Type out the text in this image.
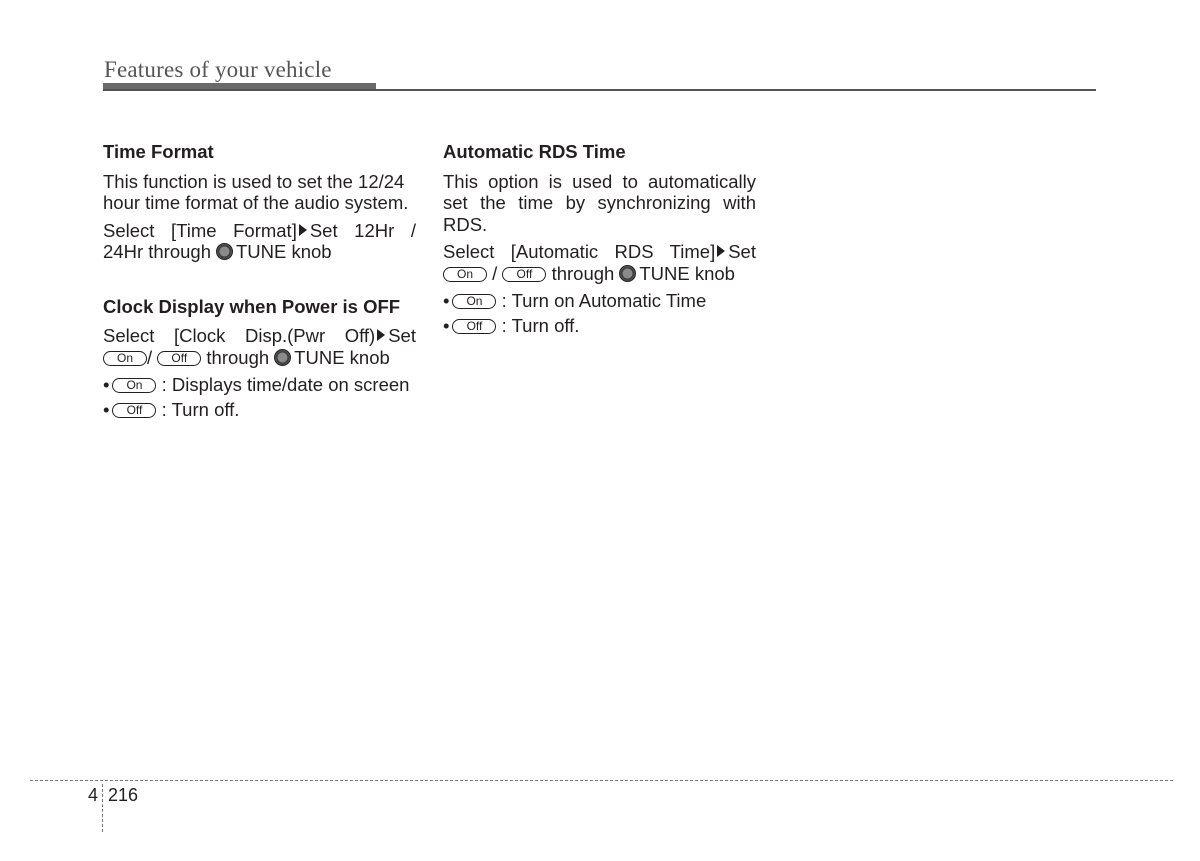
Features of your vehicle
Time Format
This function is used to set the 12/24 hour time format of the audio system.
Select [Time Format] Set 12Hr /
24Hr through TUNE knob
Clock Display when Power is OFF
Select [Clock Disp.(Pwr Off) Set
On / Off through TUNE knob
• On : Displays time/date on screen
• Off : Turn off.
Automatic RDS Time
This option is used to automatically set the time by synchronizing with RDS.
Select [Automatic RDS Time] Set
On / Off through TUNE knob
• On : Turn on Automatic Time
• Off : Turn off.
4 216
